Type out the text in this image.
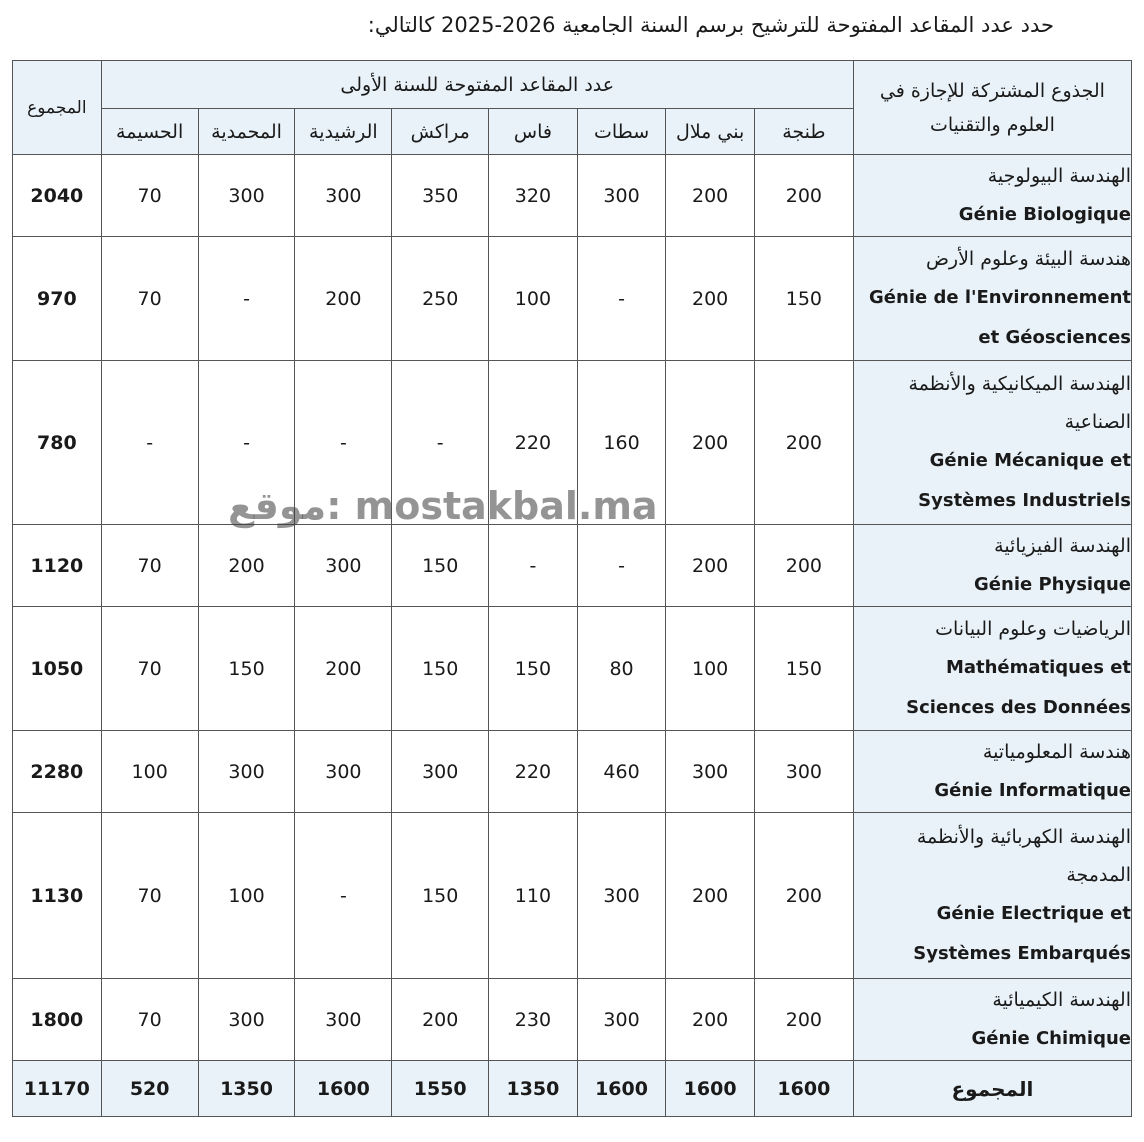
حدد عدد المقاعد المفتوحة للترشيح برسم السنة الجامعية 2026-2025 كالتالي:
الجذوع المشتركة للإجازة في العلوم والتقنيات	عدد المقاعد المفتوحة للسنة الأولى								المجموع
	طنجة	بني ملال	سطات	فاس	مراكش	الرشيدية	المحمدية	الحسيمة	

الهندسة البيولوجية
Génie Biologique	200	200	300	320	350	300	300	70	2040

هندسة البيئة وعلوم الأرض
Génie de l'Environnement
et Géosciences	150	200	-	100	250	200	-	70	970

الهندسة الميكانيكية والأنظمة الصناعية
Génie Mécanique et
Systèmes Industriels	200	200	160	220	-	-	-	-	780

الهندسة الفيزيائية
Génie Physique	200	200	-	-	150	300	200	70	1120

الرياضيات وعلوم البيانات
Mathématiques et
Sciences des Données	150	100	80	150	150	200	150	70	1050

هندسة المعلومياتية
Génie Informatique	300	300	460	220	300	300	300	100	2280

الهندسة الكهربائية والأنظمة المدمجة
Génie Electrique et
Systèmes Embarqués	200	200	300	110	150	-	100	70	1130

الهندسة الكيميائية
Génie Chimique	200	200	300	230	200	300	300	70	1800
المجموع	1600	1600	1600	1350	1550	1600	1350	520	11170
موقع: mostakbal.ma
